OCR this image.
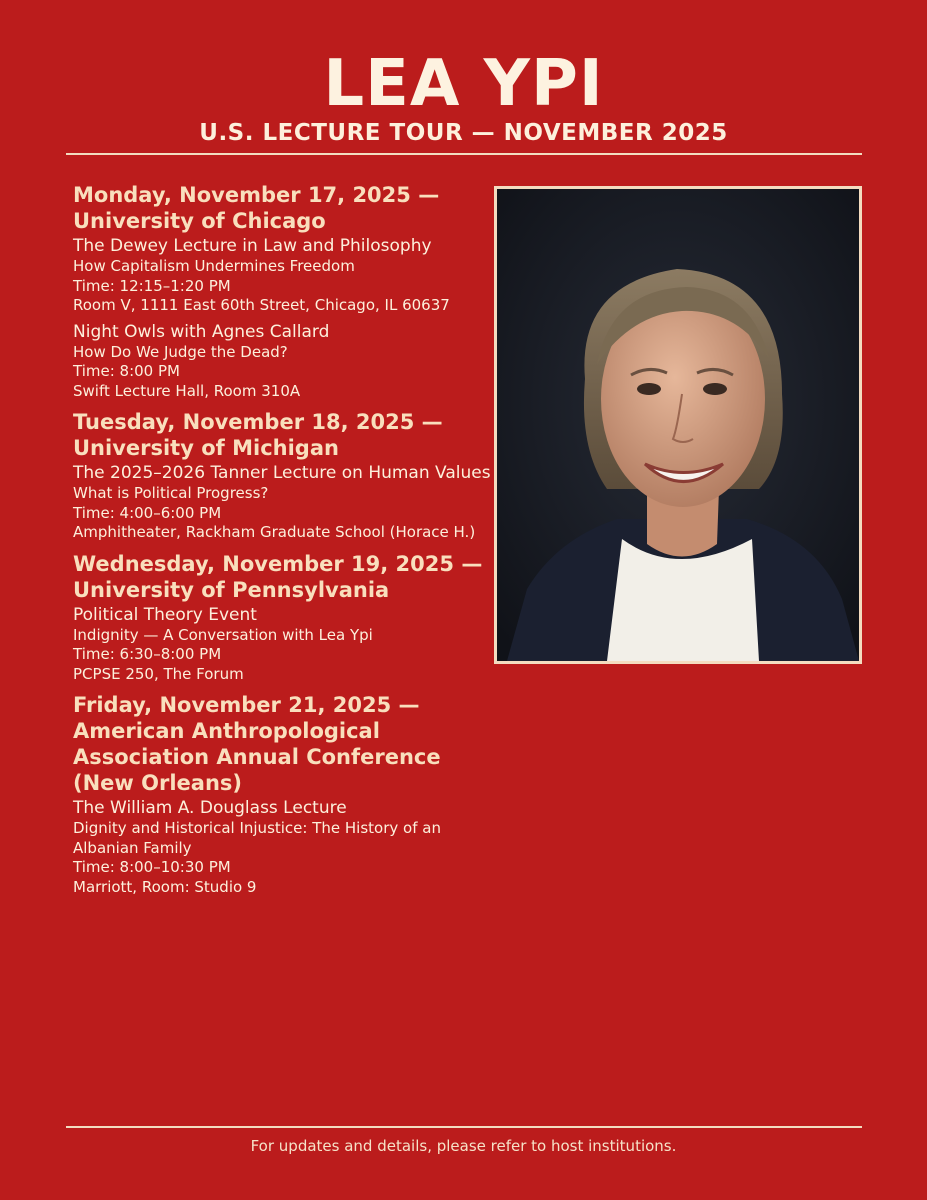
LEA YPI
U.S. LECTURE TOUR — NOVEMBER 2025
Monday, November 17, 2025 — University of Chicago
The Dewey Lecture in Law and Philosophy
How Capitalism Undermines Freedom
Time: 12:15–1:20 PM
Room V, 1111 East 60th Street, Chicago, IL 60637
Night Owls with Agnes Callard
How Do We Judge the Dead?
Time: 8:00 PM
Swift Lecture Hall, Room 310A
Tuesday, November 18, 2025 — University of Michigan
The 2025–2026 Tanner Lecture on Human Values
What is Political Progress?
Time: 4:00–6:00 PM
Amphitheater, Rackham Graduate School (Horace H.)
Wednesday, November 19, 2025 — University of Pennsylvania
Political Theory Event
Indignity — A Conversation with Lea Ypi
Time: 6:30–8:00 PM
PCPSE 250, The Forum
Friday, November 21, 2025 — American Anthropological Association Annual Conference (New Orleans)
The William A. Douglass Lecture
Dignity and Historical Injustice: The History of an Albanian Family
Time: 8:00–10:30 PM
Marriott, Room: Studio 9
For updates and details, please refer to host institutions.
